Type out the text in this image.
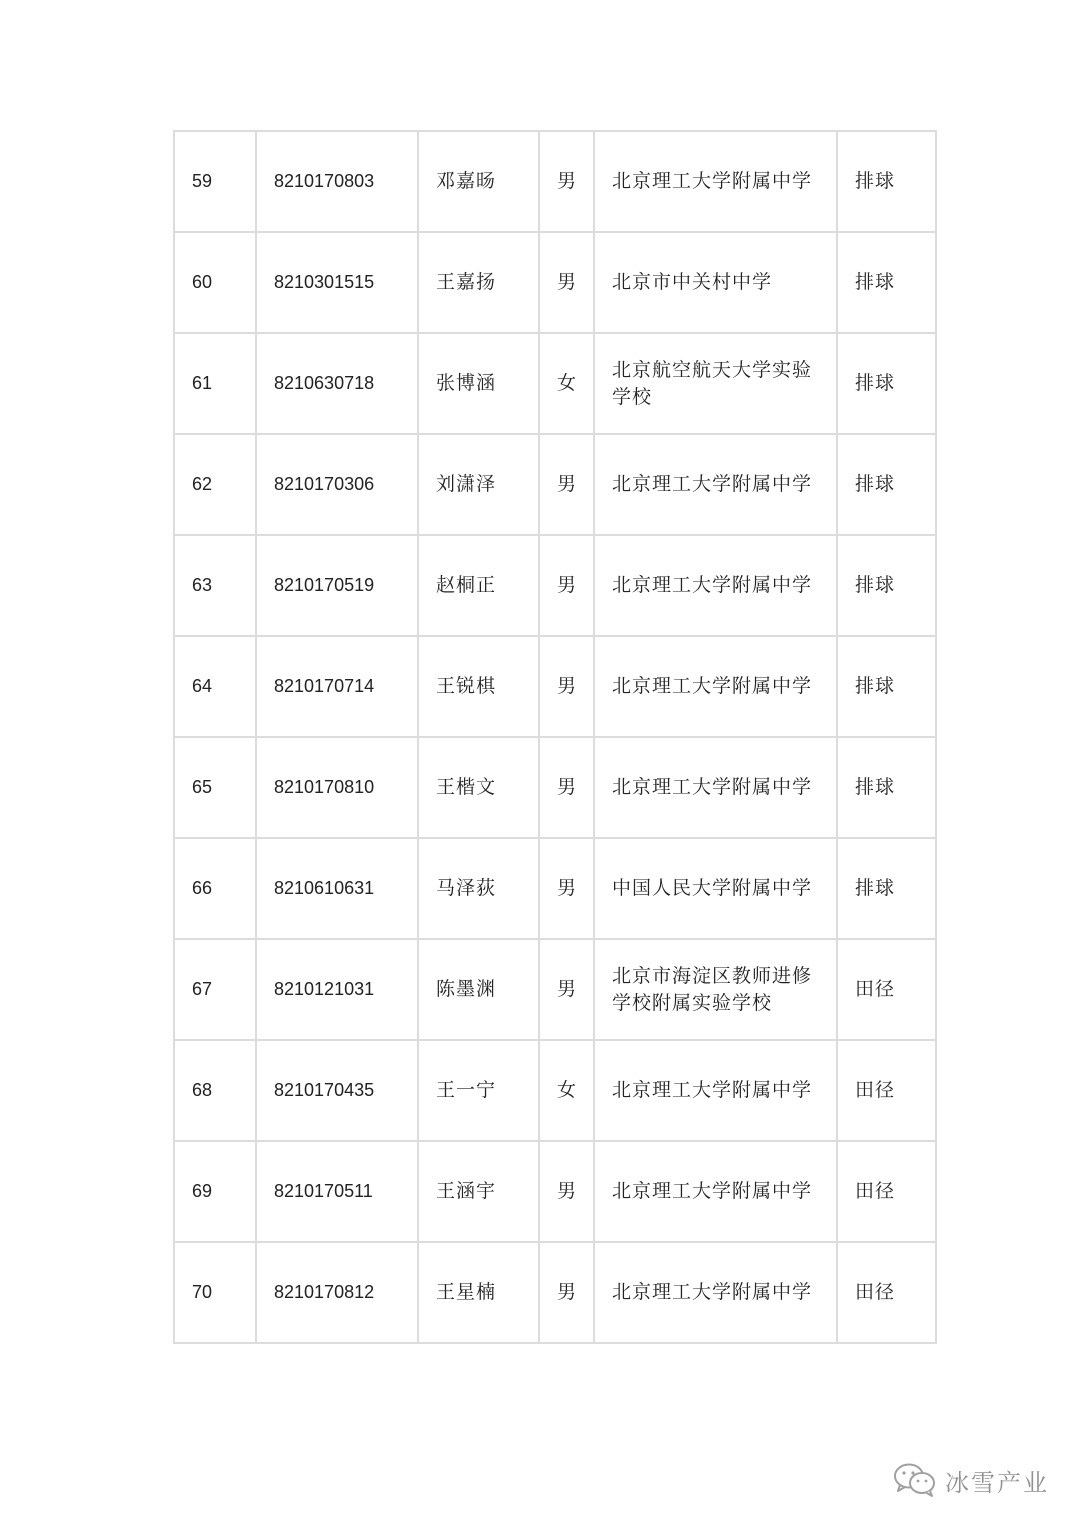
59	8210170803	邓嘉旸	男	北京理工大学附属中学	排球
60	8210301515	王嘉扬	男	北京市中关村中学	排球
61	8210630718	张博涵	女	北京航空航天大学实验学校	排球
62	8210170306	刘潇泽	男	北京理工大学附属中学	排球
63	8210170519	赵桐正	男	北京理工大学附属中学	排球
64	8210170714	王锐棋	男	北京理工大学附属中学	排球
65	8210170810	王楷文	男	北京理工大学附属中学	排球
66	8210610631	马泽荻	男	中国人民大学附属中学	排球
67	8210121031	陈墨渊	男	北京市海淀区教师进修学校附属实验学校	田径
68	8210170435	王一宁	女	北京理工大学附属中学	田径
69	8210170511	王涵宇	男	北京理工大学附属中学	田径
70	8210170812	王星楠	男	北京理工大学附属中学	田径
冰雪产业
